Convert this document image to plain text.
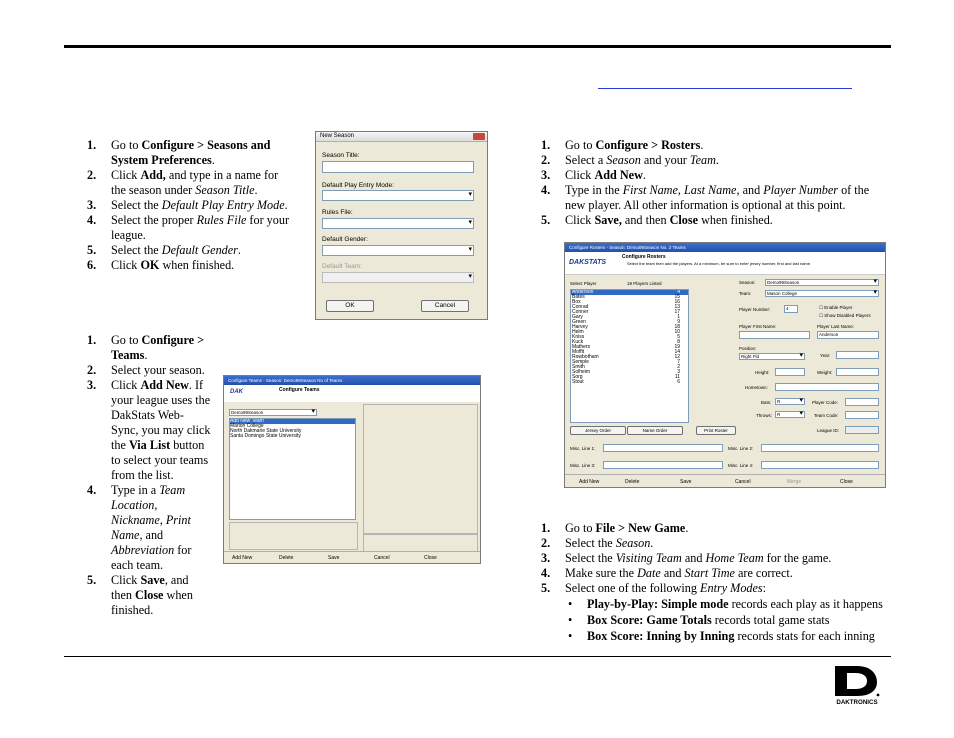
1. Go to Configure > Seasons and System Preferences.
2. Click Add, and type in a name for the season under Season Title.
3. Select the Default Play Entry Mode.
4. Select the proper Rules File for your league.
5. Select the Default Gender.
6. Click OK when finished.
New Season
Season Title:
Default Play Entry Mode:
▾
Rules File:
▾
Default Gender:
▾
Default Team:
▾
OK	Cancel
1. Go to Configure > Teams.
2. Select your season.
3. Click Add New. If your league uses the DakStats Web-Sync, you may click the Via List button to select your teams from the list.
4. Type in a Team Location, Nickname, Print Name, and Abbreviation for each team.
5. Click Save, and then Close when finished.
Configure Teams - Season: Demo99Season No of Teams
Configure Teams
DAK
Demo99Season ▾
Add New Team
Marion College
North Dakmarie State University
Santa Domingo State University
Add New	Delete	Save	Cancel	Close
1. Go to Configure > Rosters.
2. Select a Season and your Team.
3. Click Add New.
4. Type in the First Name, Last Name, and Player Number of the new player. All other information is optional at this point.
5. Click Save, and then Close when finished.
Configure Rosters - Season: Demo99Season No. 2 Teams
DAKSTATS
Configure Rosters
Select the team then add the players. At a minimum, be sure to enter jersey number, first and last name.
Select Player	19 Players Listed
Anderson	4
Bates	15
Box	16
Conrad	13
Conner	17
Gary	1
Green	9
Harvey	18
Helm	10
Kniss	5
Kuck	8
Mathers	19
Moffit	14
Rowbotham	12
Semple	7
Smith	2
Solheim	3
Sorg	11
Stout	6
Jersey Order	Name Order	Print Roster
Season:	Demo99Season ▾
Team:	Mason College ▾
Player Number:	4	☐ Enable Player
☐ Show Disabled Players
Player First Name:	Player Last Name:
Anderson
Position:
Right Fld ▾	Year:
Height:	Weight:
Hometown:
Bats:	R ▾	Player Code:
Throws:	R ▾	Team Code:
League ID:
Misc. Line 1:	Misc. Line 2:
Misc. Line 3:	Misc. Line 4:
Add New	Delete	Save	Cancel	Merge	Close
1. Go to File > New Game.
2. Select the Season.
3. Select the Visiting Team and Home Team for the game.
4. Make sure the Date and Start Time are correct.
5. Select one of the following Entry Modes:
• Play-by-Play: Simple mode records each play as it happens
• Box Score: Game Totals records total game stats
• Box Score: Inning by Inning records stats for each inning
DAKTRONICS
